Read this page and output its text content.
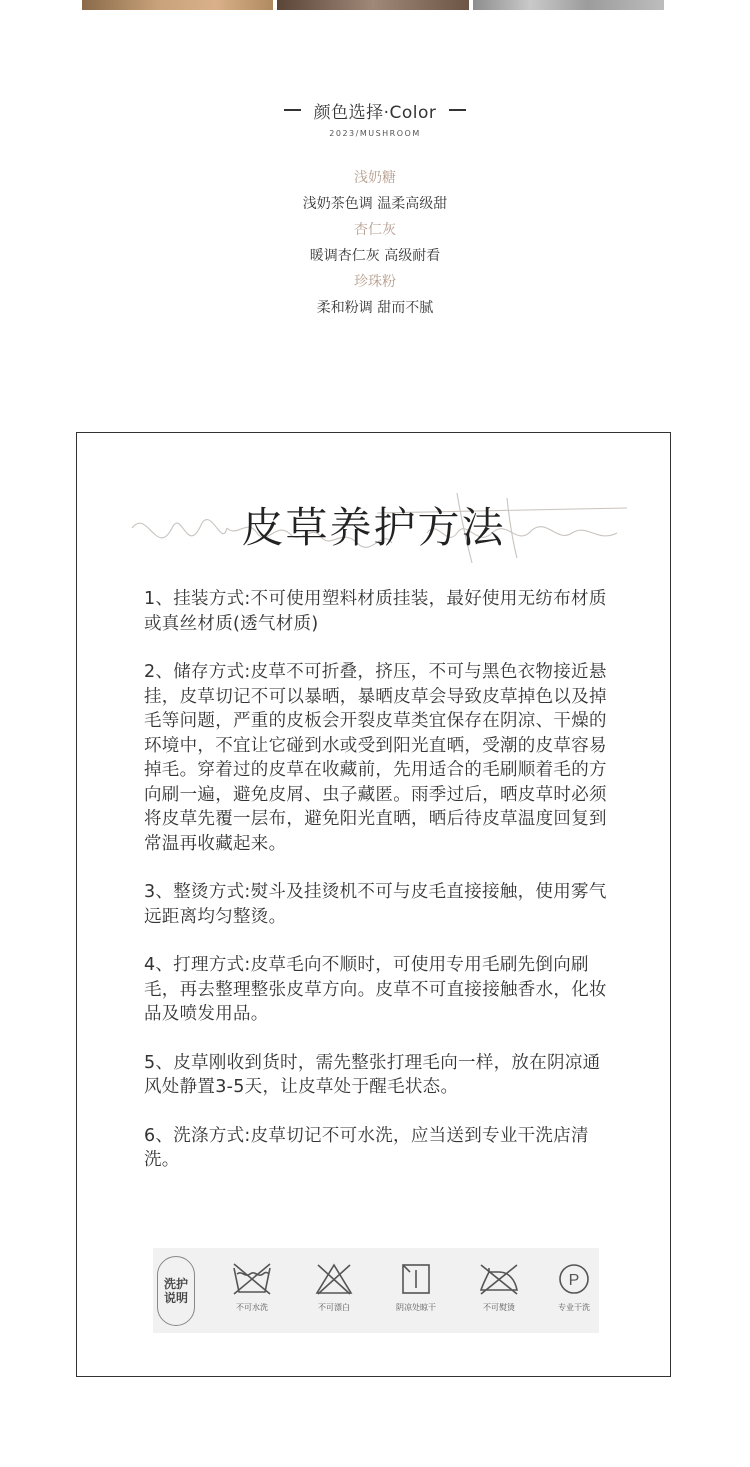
颜色选择·Color
2023/MUSHROOM
浅奶糖
浅奶茶色调 温柔高级甜
杏仁灰
暖调杏仁灰 高级耐看
珍珠粉
柔和粉调 甜而不腻
皮草养护方法

1、挂装方式:不可使用塑料材质挂装，最好使用无纺布材质或真丝材质(透气材质)

2、储存方式:皮草不可折叠，挤压，不可与黑色衣物接近悬挂，皮草切记不可以暴晒，暴晒皮草会导致皮草掉色以及掉毛等问题，严重的皮板会开裂皮草类宜保存在阴凉、干燥的环境中，不宜让它碰到水或受到阳光直晒，受潮的皮草容易掉毛。穿着过的皮草在收藏前，先用适合的毛刷顺着毛的方向刷一遍，避免皮屑、虫子藏匿。雨季过后，晒皮草时必须将皮草先覆一层布，避免阳光直晒，晒后待皮草温度回复到常温再收藏起来。

3、整烫方式:熨斗及挂烫机不可与皮毛直接接触，使用雾气远距离均匀整烫。

4、打理方式:皮草毛向不顺时，可使用专用毛刷先倒向刷毛，再去整理整张皮草方向。皮草不可直接接触香水，化妆品及喷发用品。

5、皮草刚收到货时，需先整张打理毛向一样，放在阴凉通风处静置3-5天，让皮草处于醒毛状态。

6、洗涤方式:皮草切记不可水洗，应当送到专业干洗店清洗。

洗护说明
不可水洗	不可漂白	阴凉处晾干	不可熨烫
P
专业干洗
